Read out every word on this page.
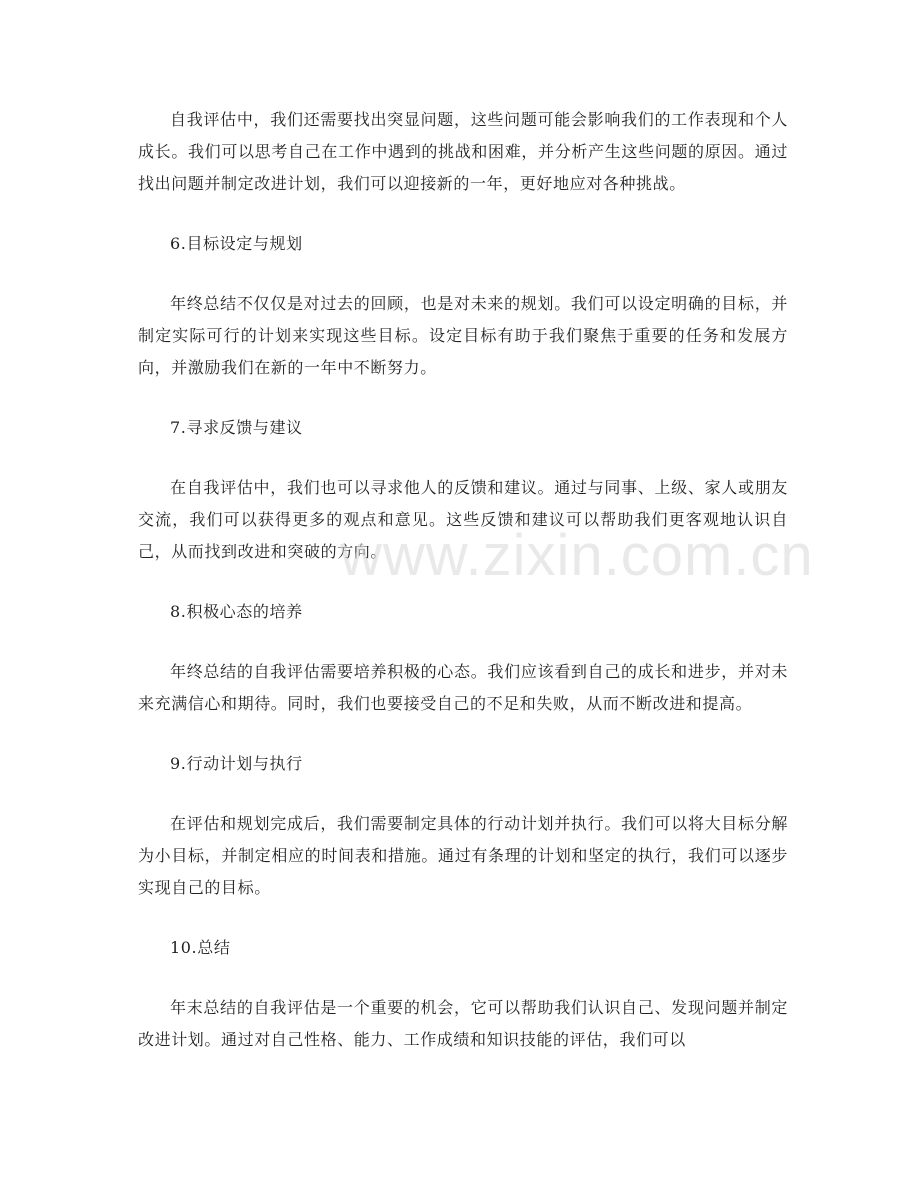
自我评估中，我们还需要找出突显问题，这些问题可能会影响我们的工作表现和个人成长。我们可以思考自己在工作中遇到的挑战和困难，并分析产生这些问题的原因。通过找出问题并制定改进计划，我们可以迎接新的一年，更好地应对各种挑战。

6.目标设定与规划

年终总结不仅仅是对过去的回顾，也是对未来的规划。我们可以设定明确的目标，并制定实际可行的计划来实现这些目标。设定目标有助于我们聚焦于重要的任务和发展方向，并激励我们在新的一年中不断努力。

7.寻求反馈与建议

在自我评估中，我们也可以寻求他人的反馈和建议。通过与同事、上级、家人或朋友交流，我们可以获得更多的观点和意见。这些反馈和建议可以帮助我们更客观地认识自己，从而找到改进和突破的方向。

8.积极心态的培养

年终总结的自我评估需要培养积极的心态。我们应该看到自己的成长和进步，并对未来充满信心和期待。同时，我们也要接受自己的不足和失败，从而不断改进和提高。

9.行动计划与执行

在评估和规划完成后，我们需要制定具体的行动计划并执行。我们可以将大目标分解为小目标，并制定相应的时间表和措施。通过有条理的计划和坚定的执行，我们可以逐步实现自己的目标。

10.总结

年末总结的自我评估是一个重要的机会，它可以帮助我们认识自己、发现问题并制定改进计划。通过对自己性格、能力、工作成绩和知识技能的评估，我们可以

www.zixin.com.cn
